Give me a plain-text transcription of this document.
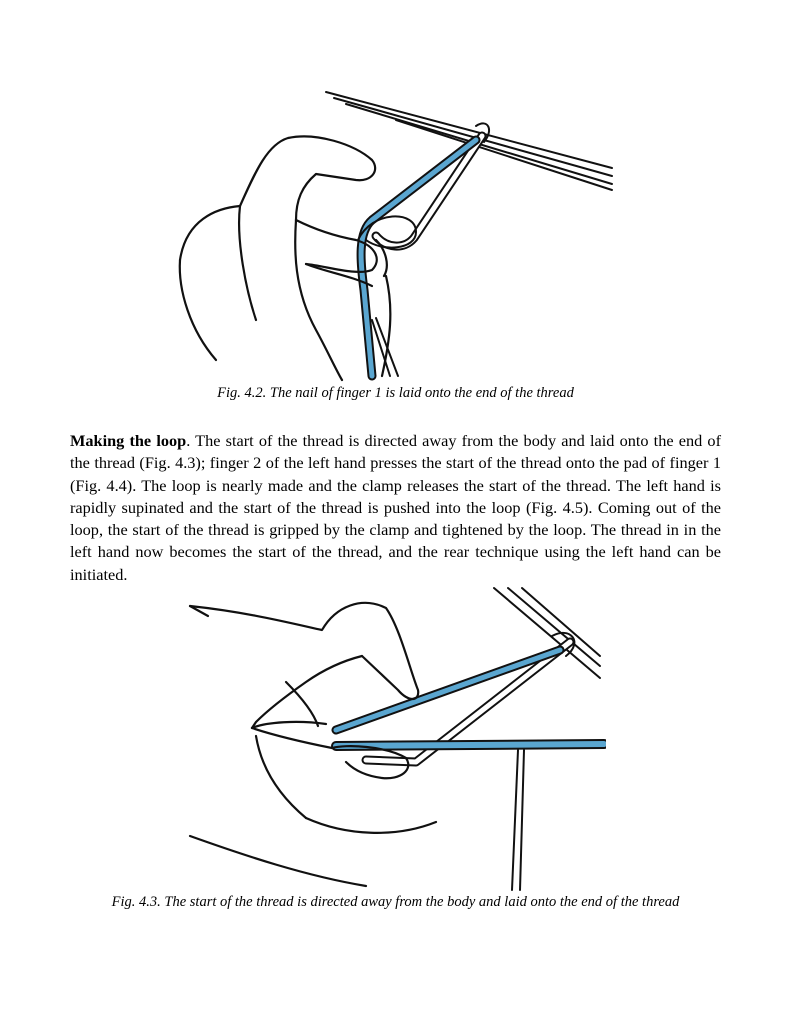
Fig. 4.2. The nail of finger 1 is laid onto the end of the thread
Making the loop. The start of the thread is directed away from the body and laid onto the end of the thread (Fig. 4.3); finger 2 of the left hand presses the start of the thread onto the pad of finger 1 (Fig. 4.4). The loop is nearly made and the clamp releases the start of the thread. The left hand is rapidly supinated and the start of the thread is pushed into the loop (Fig. 4.5). Coming out of the loop, the start of the thread is gripped by the clamp and tightened by the loop. The thread in in the left hand now becomes the start of the thread, and the rear technique using the left hand can be initiated.
Fig. 4.3. The start of the thread is directed away from the body and laid onto the end of the thread
